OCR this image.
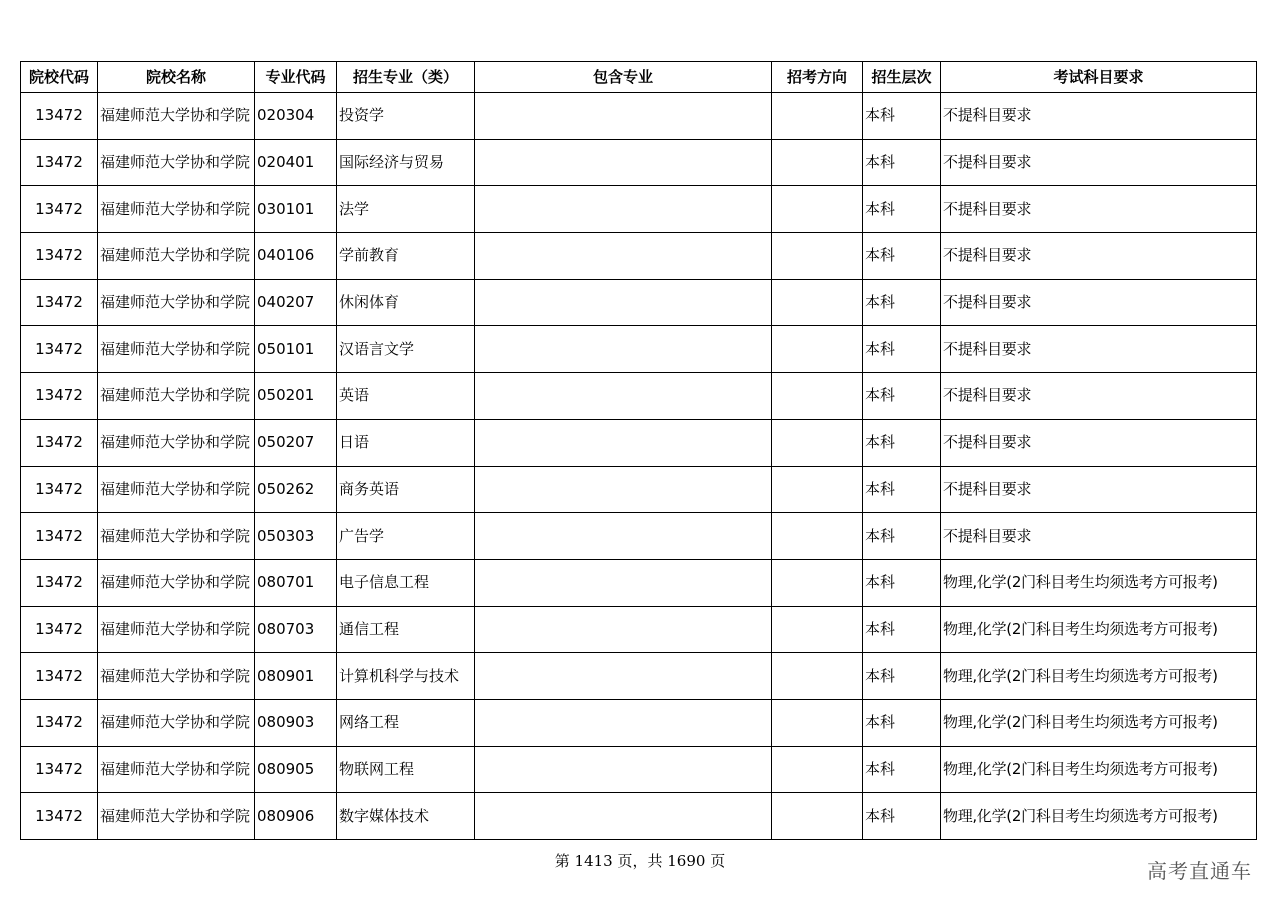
院校代码	院校名称	专业代码	招生专业（类）	包含专业	招考方向	招生层次	考试科目要求
13472	福建师范大学协和学院	020304	投资学			本科	不提科目要求
13472	福建师范大学协和学院	020401	国际经济与贸易			本科	不提科目要求
13472	福建师范大学协和学院	030101	法学			本科	不提科目要求
13472	福建师范大学协和学院	040106	学前教育			本科	不提科目要求
13472	福建师范大学协和学院	040207	休闲体育			本科	不提科目要求
13472	福建师范大学协和学院	050101	汉语言文学			本科	不提科目要求
13472	福建师范大学协和学院	050201	英语			本科	不提科目要求
13472	福建师范大学协和学院	050207	日语			本科	不提科目要求
13472	福建师范大学协和学院	050262	商务英语			本科	不提科目要求
13472	福建师范大学协和学院	050303	广告学			本科	不提科目要求
13472	福建师范大学协和学院	080701	电子信息工程			本科	物理,化学(2门科目考生均须选考方可报考)
13472	福建师范大学协和学院	080703	通信工程			本科	物理,化学(2门科目考生均须选考方可报考)
13472	福建师范大学协和学院	080901	计算机科学与技术			本科	物理,化学(2门科目考生均须选考方可报考)
13472	福建师范大学协和学院	080903	网络工程			本科	物理,化学(2门科目考生均须选考方可报考)
13472	福建师范大学协和学院	080905	物联网工程			本科	物理,化学(2门科目考生均须选考方可报考)
13472	福建师范大学协和学院	080906	数字媒体技术			本科	物理,化学(2门科目考生均须选考方可报考)
第 1413 页，共 1690 页	高考直通车
